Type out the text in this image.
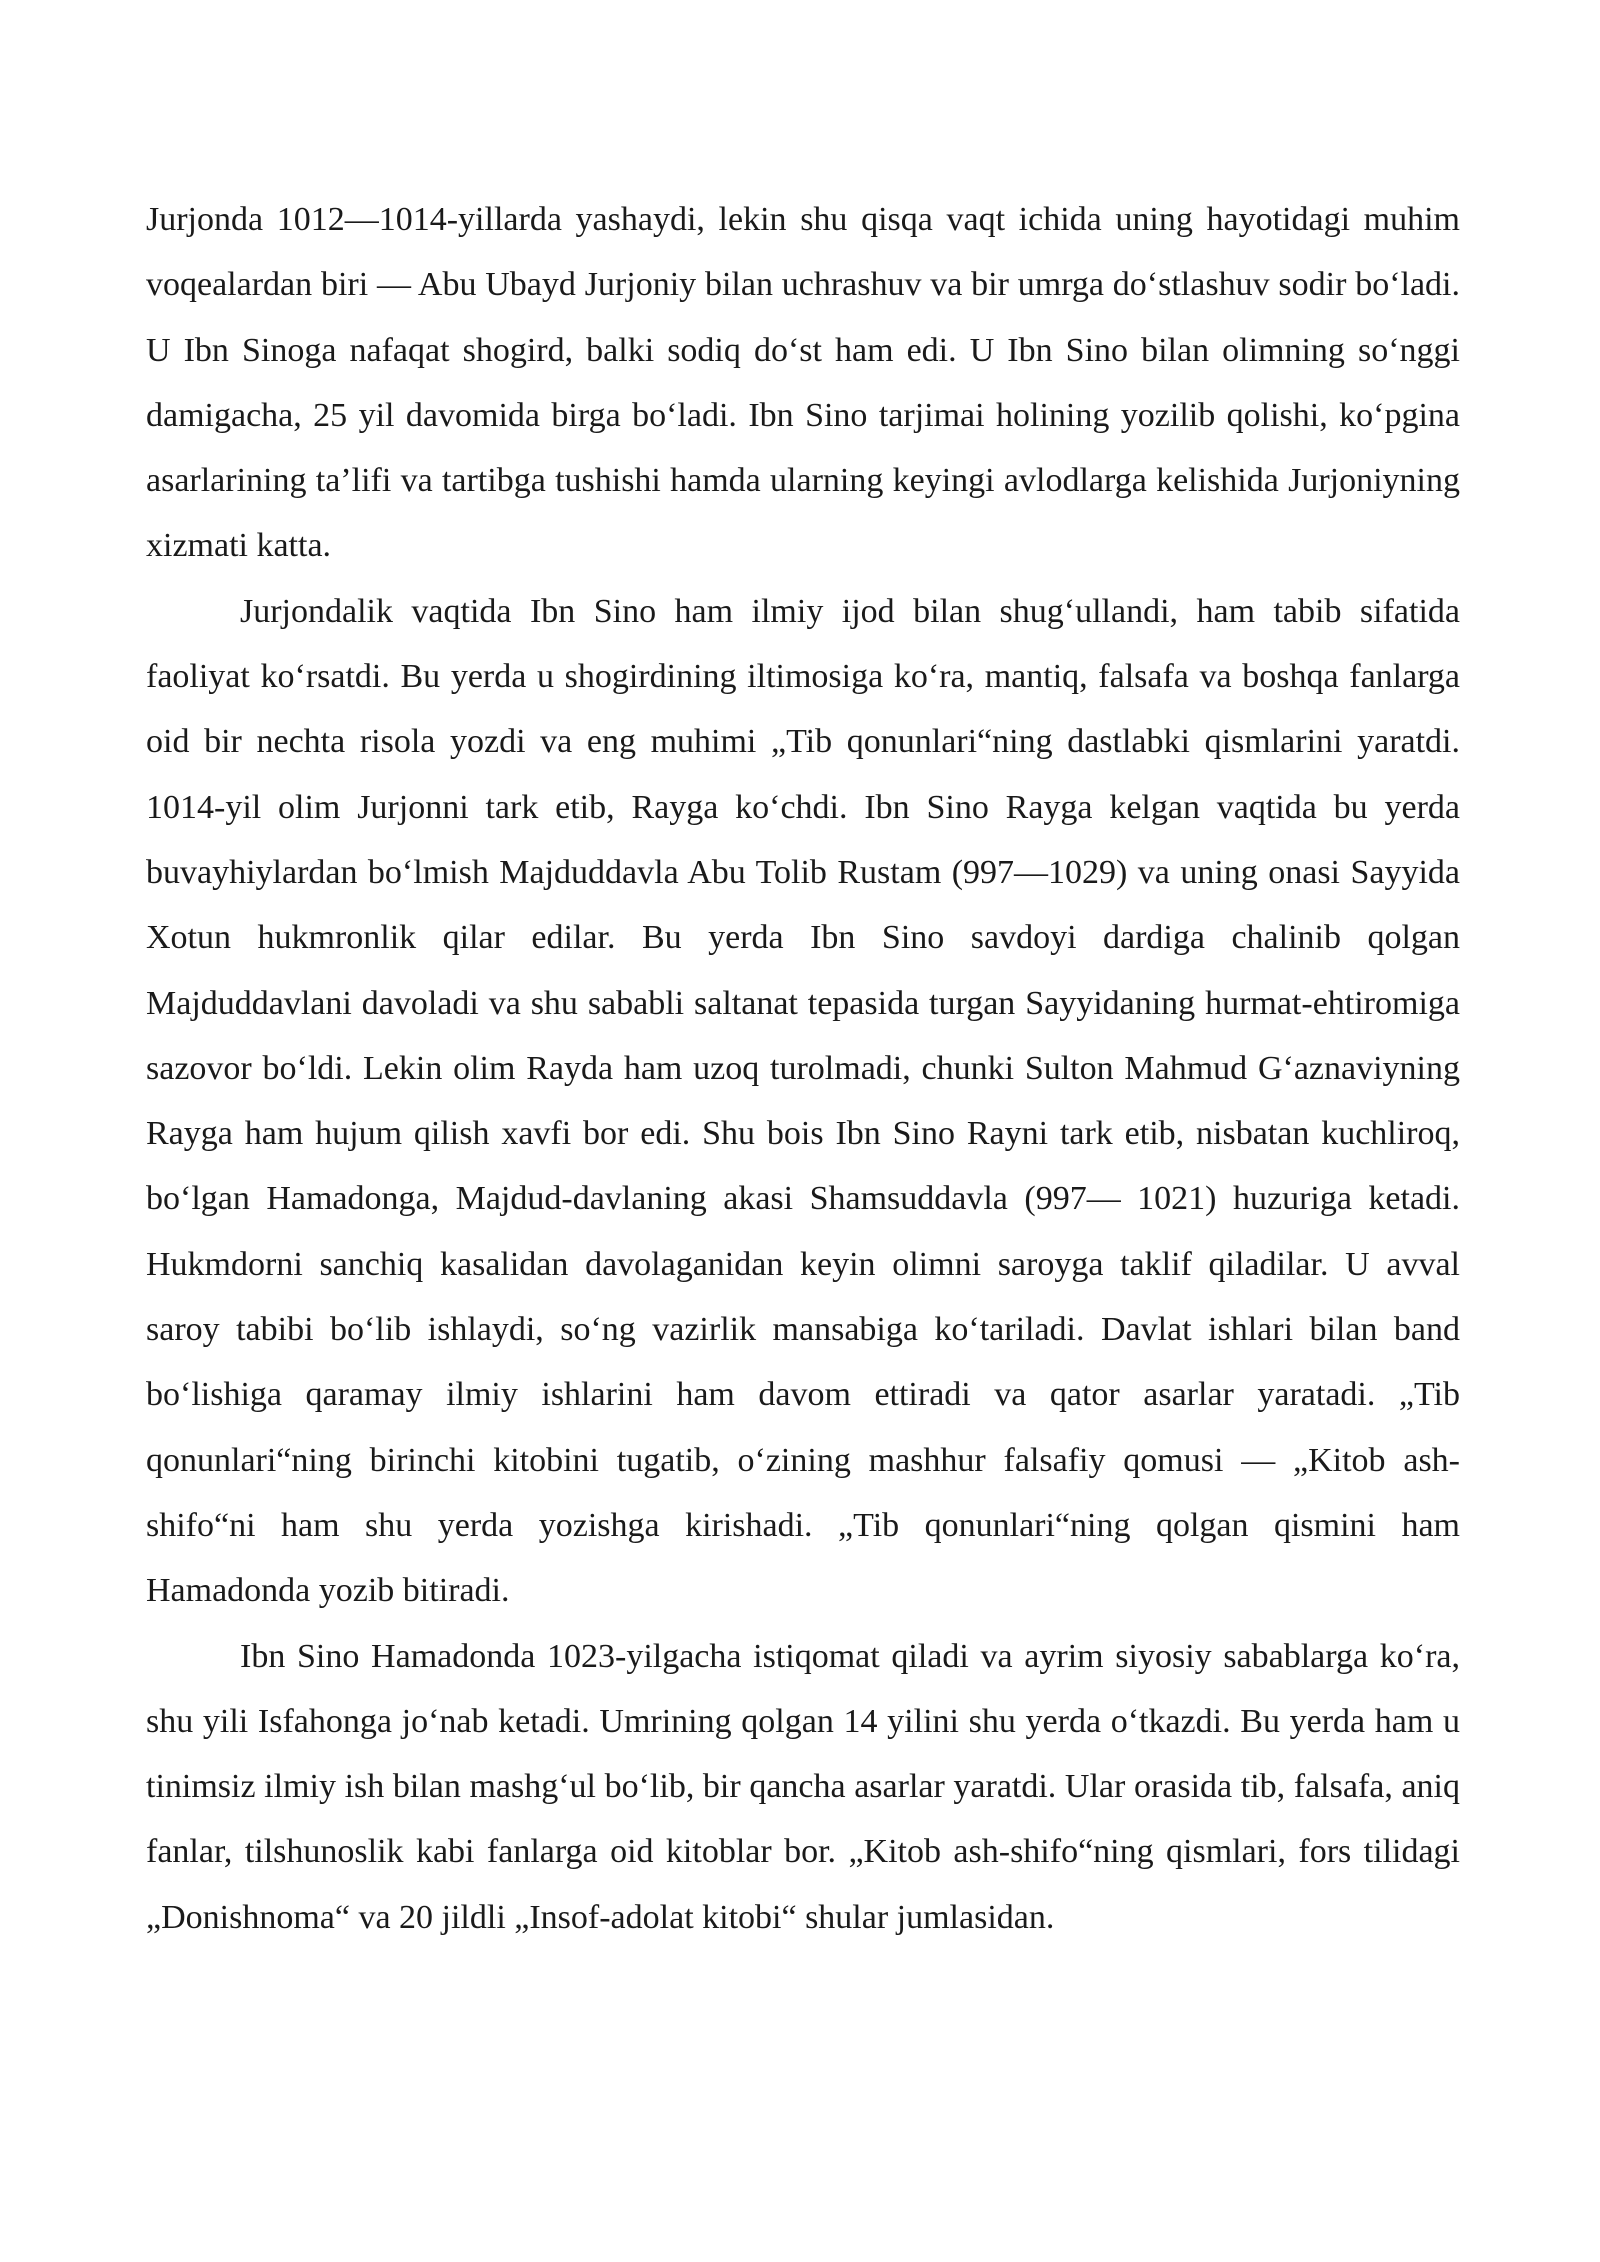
Jurjonda 1012—1014-yillarda yashaydi, lekin shu qisqa vaqt ichida uning hayotidagi muhim voqealardan biri — Abu Ubayd Jurjoniy bilan uchrashuv va bir umrga do‘stlashuv sodir bo‘ladi. U Ibn Sinoga nafaqat shogird, balki sodiq do‘st ham edi. U Ibn Sino bilan olimning so‘nggi damigacha, 25 yil davomida birga bo‘ladi. Ibn Sino tarjimai holining yozilib qolishi, ko‘pgina asarlarining ta’lifi va tartibga tushishi hamda ularning keyingi avlodlarga kelishida Jurjoniyning xizmati katta.

Jurjondalik vaqtida Ibn Sino ham ilmiy ijod bilan shug‘ullandi, ham tabib sifatida faoliyat ko‘rsatdi. Bu yerda u shogirdining iltimosiga ko‘ra, mantiq, falsafa va boshqa fanlarga oid bir nechta risola yozdi va eng muhimi „Tib qonunlari“ning dastlabki qismlarini yaratdi. 1014-yil olim Jurjonni tark etib, Rayga ko‘chdi. Ibn Sino Rayga kelgan vaqtida bu yerda buvayhiylardan bo‘lmish Majduddavla Abu Tolib Rustam (997—1029) va uning onasi Sayyida Xotun hukmronlik qilar edilar. Bu yerda Ibn Sino savdoyi dardiga chalinib qolgan Majduddavlani davoladi va shu sababli saltanat tepasida turgan Sayyidaning hurmat-ehtiromiga sazovor bo‘ldi. Lekin olim Rayda ham uzoq turolmadi, chunki Sulton Mahmud G‘aznaviyning Rayga ham hujum qilish xavfi bor edi. Shu bois Ibn Sino Rayni tark etib, nisbatan kuchliroq, bo‘lgan Hamadonga, Majdud-davlaning akasi Shamsuddavla (997— 1021) huzuriga ketadi. Hukmdorni sanchiq kasalidan davolaganidan keyin olimni saroyga taklif qiladilar. U avval saroy tabibi bo‘lib ishlaydi, so‘ng vazirlik mansabiga ko‘tariladi. Davlat ishlari bilan band bo‘lishiga qaramay ilmiy ishlarini ham davom ettiradi va qator asarlar yaratadi. „Tib qonunlari“ning birinchi kitobini tugatib, o‘zining mashhur falsafiy qomusi — „Kitob ash-shifo“ni ham shu yerda yozishga kirishadi. „Tib qonunlari“ning qolgan qismini ham Hamadonda yozib bitiradi.

Ibn Sino Hamadonda 1023-yilgacha istiqomat qiladi va ayrim siyosiy sabablarga ko‘ra, shu yili Isfahonga jo‘nab ketadi. Umrining qolgan 14 yilini shu yerda o‘tkazdi. Bu yerda ham u tinimsiz ilmiy ish bilan mashg‘ul bo‘lib, bir qancha asarlar yaratdi. Ular orasida tib, falsafa, aniq fanlar, tilshunoslik kabi fanlarga oid kitoblar bor. „Kitob ash-shifo“ning qismlari, fors tilidagi „Donishnoma“ va 20 jildli „Insof-adolat kitobi“ shular jumlasidan.
